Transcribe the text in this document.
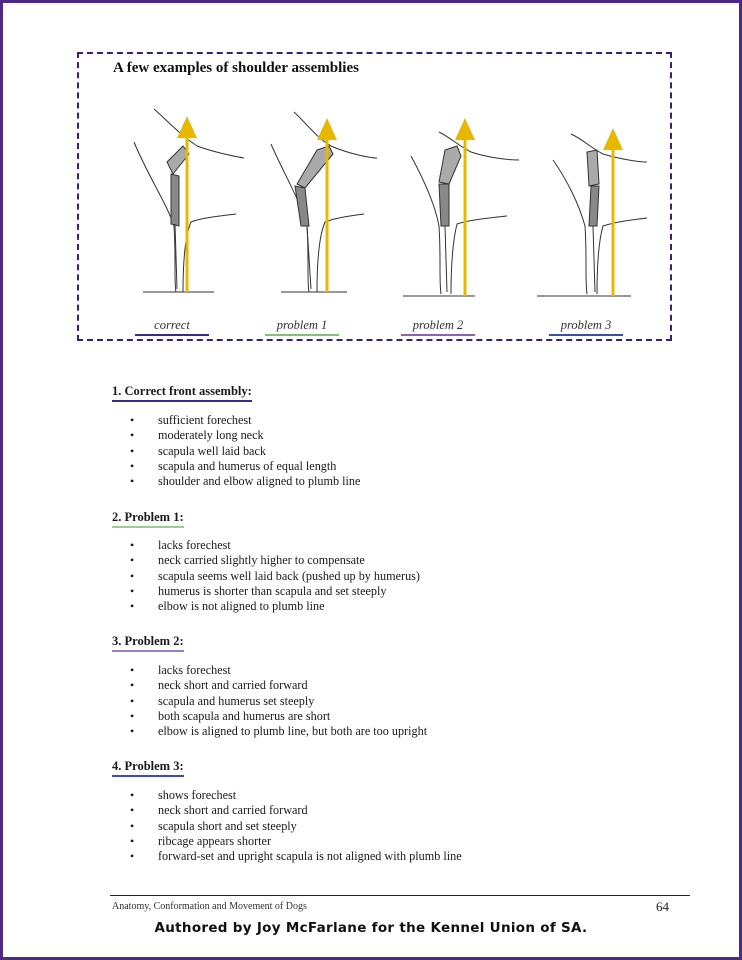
A few examples of shoulder assemblies
correct	problem 1	problem 2	problem 3
1. Correct front assembly:
• sufficient forechest
• moderately long neck
• scapula well laid back
• scapula and humerus of equal length
• shoulder and elbow aligned to plumb line
2. Problem 1:
• lacks forechest
• neck carried slightly higher to compensate
• scapula seems well laid back (pushed up by humerus)
• humerus is shorter than scapula and set steeply
• elbow is not aligned to plumb line
3. Problem 2:
• lacks forechest
• neck short and carried forward
• scapula and humerus set steeply
• both scapula and humerus are short
• elbow is aligned to plumb line, but both are too upright
4. Problem 3:
• shows forechest
• neck short and carried forward
• scapula short and set steeply
• ribcage appears shorter
• forward-set and upright scapula is not aligned with plumb line
Anatomy, Conformation and Movement of Dogs	64
Authored by Joy McFarlane for the Kennel Union of SA.
